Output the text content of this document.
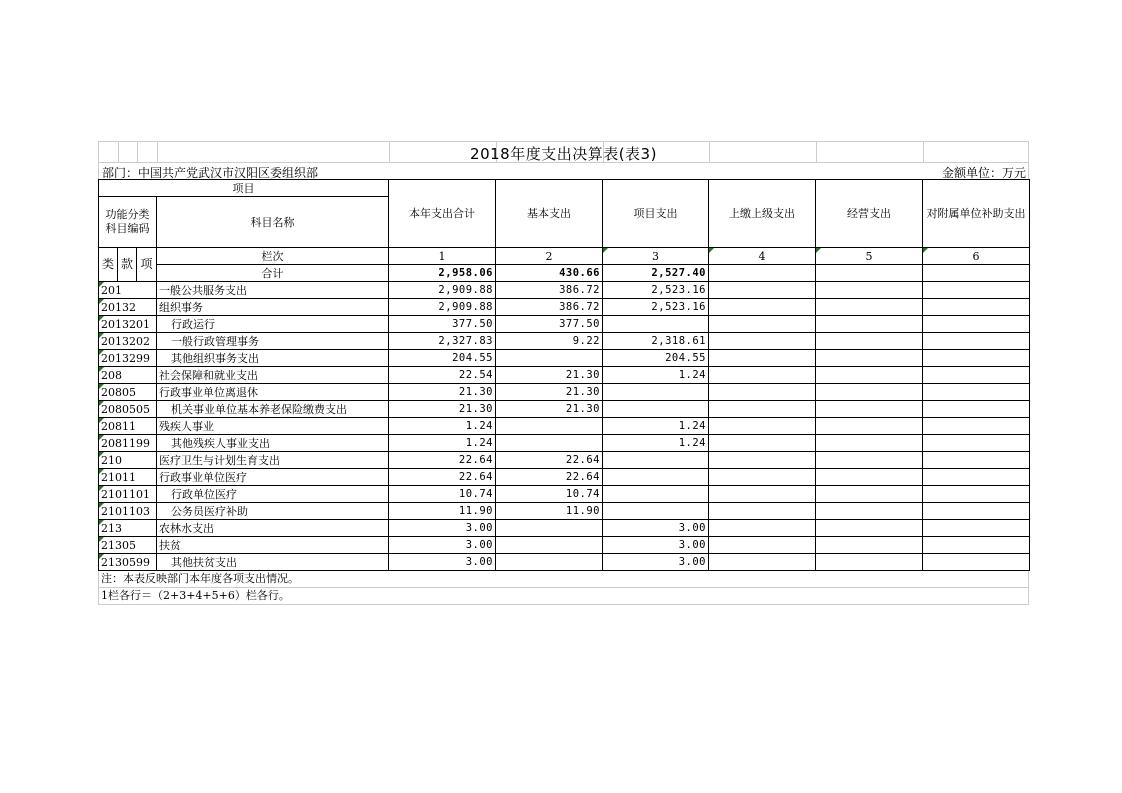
2018年度支出决算表(表3)
部门：中国共产党武汉市汉阳区委组织部	金额单位：万元
项目				本年支出合计	基本支出	项目支出	上缴上级支出	经营支出	对附属单位补助支出
功能分类科目编码			科目名称						

类	款	项	栏次	1	2	3	4	5	6
			合计	2,958.06	430.66	2,527.40			
201			一般公共服务支出	2,909.88	386.72	2,523.16			
20132			组织事务	2,909.88	386.72	2,523.16			
2013201			行政运行	377.50	377.50				
2013202			一般行政管理事务	2,327.83	9.22	2,318.61			
2013299			其他组织事务支出	204.55		204.55			
208			社会保障和就业支出	22.54	21.30	1.24			
20805			行政事业单位离退休	21.30	21.30				
2080505			机关事业单位基本养老保险缴费支出	21.30	21.30				
20811			残疾人事业	1.24		1.24			
2081199			其他残疾人事业支出	1.24		1.24			
210			医疗卫生与计划生育支出	22.64	22.64				
21011			行政事业单位医疗	22.64	22.64				
2101101			行政单位医疗	10.74	10.74				
2101103			公务员医疗补助	11.90	11.90				
213			农林水支出	3.00		3.00			
21305			扶贫	3.00		3.00			
2130599			其他扶贫支出	3.00		3.00			
注：本表反映部门本年度各项支出情况。
1栏各行＝（2+3+4+5+6）栏各行。
